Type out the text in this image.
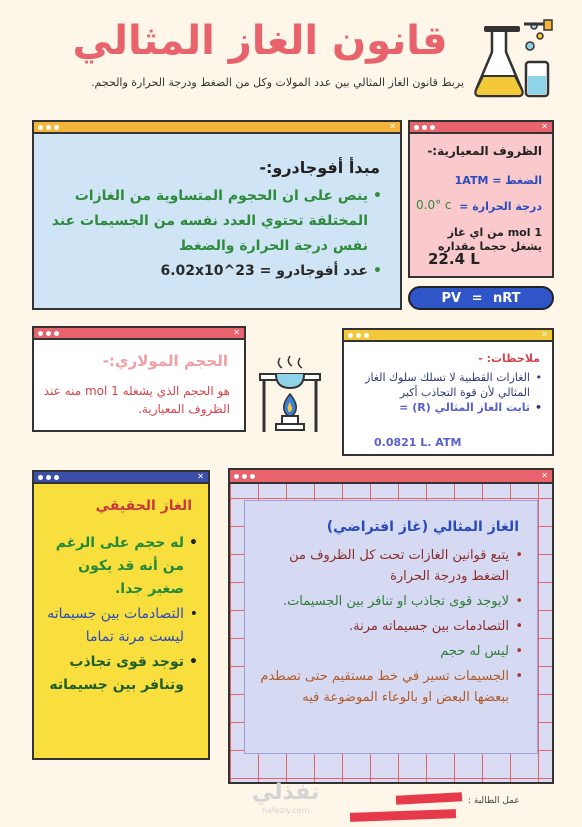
قانون الغاز المثالي
يربط قانون الغاز المثالي بين عدد المولات وكل من الضغط ودرجة الحرارة والحجم.
✕
مبدأ أفوجادرو:-
• ينص على ان الحجوم المتساوية من الغازات المختلفة تحتوي العدد نفسه من الجسيمات عند نفس درجة الحرارة والضغط
• عدد أفوجادرو = 6.02x10^23
✕
الظروف المعيارية:-
الضغط = 1ATM
درجة الحرارة =
0.0° c
1 mol من اي غاز يشغل حجما مقداره
22.4 L
PV = nRT
✕
الحجم المولاري:-
هو الحجم الذي يشغله 1 mol منه عند الظروف المعيارية.
✕
ملاحظات: -
• الغازات القطبية لا تسلك سلوك الغاز المثالي لأن قوة التجاذب أكبر
• ثابت الغاز المثالي (R) =
0.0821 L. ATM
✕
الغاز الحقيقي
• له حجم على الرغم من أنه قد يكون صغير جدا.
• التصادمات بين جسيماته ليست مرنة تماما
• توجد قوى تجاذب وتنافر بين جسيماته
✕
الغاز المثالي (غاز افتراضي)
• يتبع قوانين الغازات تحت كل الظروف من الضغط ودرجة الحرارة
• لايوجد قوى تجاذب او تنافر بين الجسيمات.
• التصادمات بين جسيماته مرنة.
• ليس له حجم
• الجسيمات تسير في خط مستقيم حتى تصطدم ببعضها البعض او بالوعاء الموضوعة فيه
نفذلي
nafezly.com
عمل الطالبة :
